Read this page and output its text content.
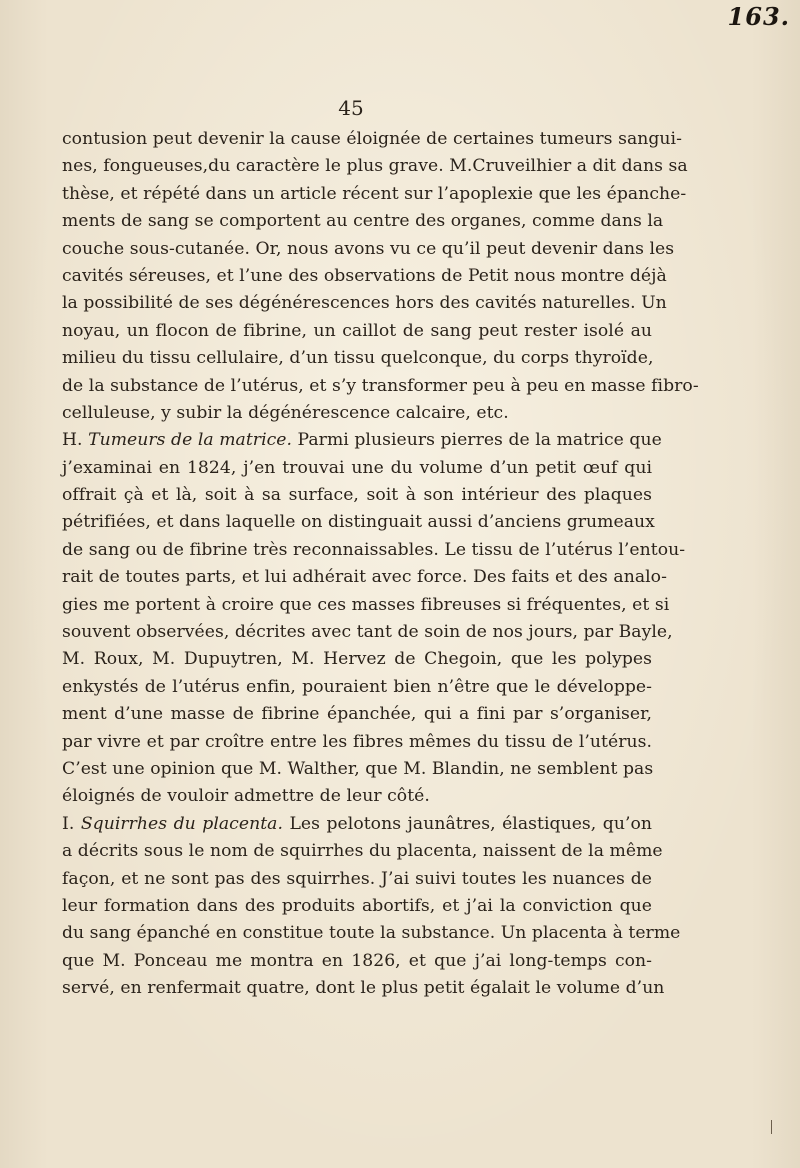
163.
45
contusion peut devenir la cause éloignée de certaines tumeurs sangui-
nes, fongueuses,du caractère le plus grave. M.Cruveilhier a dit dans sa
thèse, et répété dans un article récent sur l’apoplexie que les épanche-
ments de sang se comportent au centre des organes, comme dans la
couche sous-cutanée. Or, nous avons vu ce qu’il peut devenir dans les
cavités séreuses, et l’une des observations de Petit nous montre déjà
la possibilité de ses dégénérescences hors des cavités naturelles. Un
noyau, un flocon de fibrine, un caillot de sang peut rester isolé au
milieu du tissu cellulaire, d’un tissu quelconque, du corps thyroïde,
de la substance de l’utérus, et s’y transformer peu à peu en masse fibro-
celluleuse, y subir la dégénérescence calcaire, etc.
H. Tumeurs de la matrice. Parmi plusieurs pierres de la matrice que
j’examinai en 1824, j’en trouvai une du volume d’un petit œuf qui
offrait çà et là, soit à sa surface, soit à son intérieur des plaques
pétrifiées, et dans laquelle on distinguait aussi d’anciens grumeaux
de sang ou de fibrine très reconnaissables. Le tissu de l’utérus l’entou-
rait de toutes parts, et lui adhérait avec force. Des faits et des analo-
gies me portent à croire que ces masses fibreuses si fréquentes, et si
souvent observées, décrites avec tant de soin de nos jours, par Bayle,
M. Roux, M. Dupuytren, M. Hervez de Chegoin, que les polypes
enkystés de l’utérus enfin, pouraient bien n’être que le développe-
ment d’une masse de fibrine épanchée, qui a fini par s’organiser,
par vivre et par croître entre les fibres mêmes du tissu de l’utérus.
C’est une opinion que M. Walther, que M. Blandin, ne semblent pas
éloignés de vouloir admettre de leur côté.
I. Squirrhes du placenta. Les pelotons jaunâtres, élastiques, qu’on
a décrits sous le nom de squirrhes du placenta, naissent de la même
façon, et ne sont pas des squirrhes. J’ai suivi toutes les nuances de
leur formation dans des produits abortifs, et j’ai la conviction que
du sang épanché en constitue toute la substance. Un placenta à terme
que M. Ponceau me montra en 1826, et que j’ai long-temps con-
servé, en renfermait quatre, dont le plus petit égalait le volume d’un
